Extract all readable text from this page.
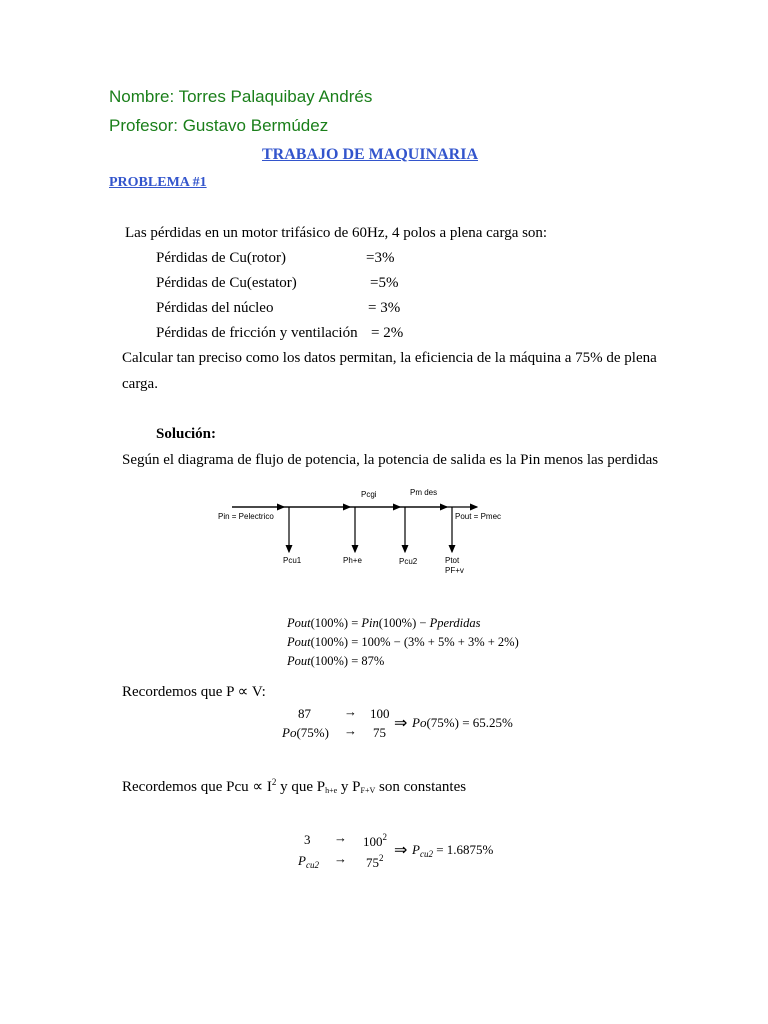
Nombre: Torres Palaquibay Andrés
Profesor: Gustavo Bermúdez
TRABAJO DE MAQUINARIA
PROBLEMA #1
Las pérdidas en un motor trifásico de 60Hz, 4 polos a plena carga son:
Pérdidas de Cu(rotor)	=3%
Pérdidas de Cu(estator)	=5%
Pérdidas del núcleo	= 3%
Pérdidas de fricción y ventilación = 2%
Calcular tan preciso como los datos permitan, la eficiencia de la máquina a 75% de plena
carga.
Solución:
Según el diagrama de flujo de potencia, la potencia de salida es la Pin menos las perdidas
Pin = Pelectrico	Pout = Pmec
Pcgi	Pm des
Pcu1	Ph+e	Pcu2	Ptot
PF+v
Pout(100%) = Pin(100%) − Pperdidas
Pout(100%) = 100% − (3% + 5% + 3% + 2%)
Pout(100%) = 87%
Recordemos que P ∝ V:
87	→ 100
Po(75%) → 75
⇒ Po(75%) = 65.25%
Recordemos que Pcu ∝ $I^2$ y que Ph+e y PF+V son constantes
$3 \to 100^2$
$P_{cu2} \to 75^2$ ⇒ $P_{cu2} = 1.6875\%$
